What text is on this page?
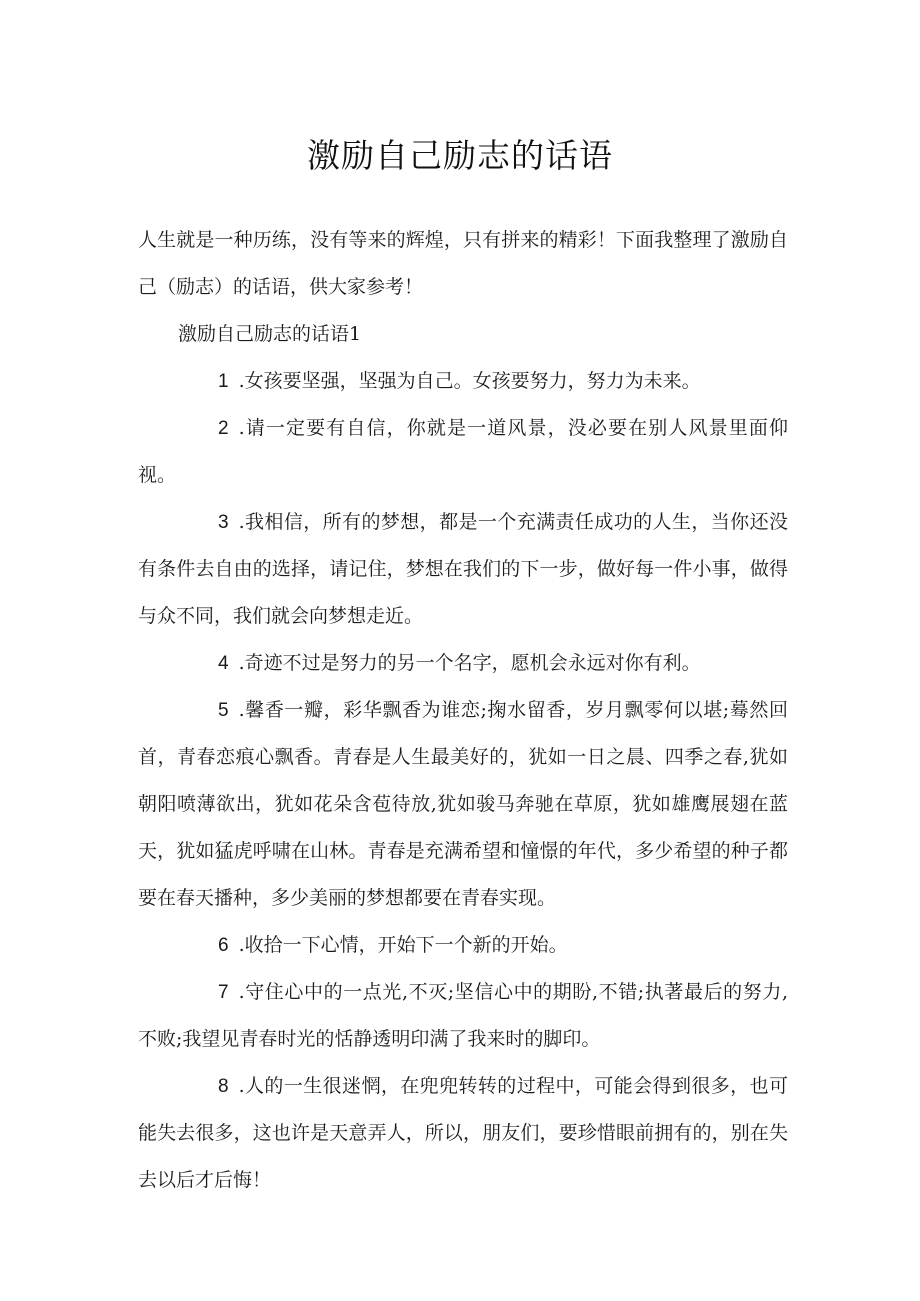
激励自己励志的话语

人生就是一种历练，没有等来的辉煌，只有拼来的精彩！下面我整理了激励自己（励志）的话语，供大家参考！

激励自己励志的话语1

1 .女孩要坚强，坚强为自己。女孩要努力，努力为未来。

2 .请一定要有自信，你就是一道风景，没必要在别人风景里面仰视。

3 .我相信，所有的梦想，都是一个充满责任成功的人生，当你还没有条件去自由的选择，请记住，梦想在我们的下一步，做好每一件小事，做得与众不同，我们就会向梦想走近。

4 .奇迹不过是努力的另一个名字，愿机会永远对你有利。

5 .馨香一瓣，彩华飘香为谁恋;掬水留香，岁月飘零何以堪;蓦然回首，青春恋痕心飘香。青春是人生最美好的，犹如一日之晨、四季之春,犹如朝阳喷薄欲出，犹如花朵含苞待放,犹如骏马奔驰在草原，犹如雄鹰展翅在蓝天，犹如猛虎呼啸在山林。青春是充满希望和憧憬的年代，多少希望的种子都要在春天播种，多少美丽的梦想都要在青春实现。

6 .收拾一下心情，开始下一个新的开始。

7 .守住心中的一点光,不灭;坚信心中的期盼,不错;执著最后的努力,不败;我望见青春时光的恬静透明印满了我来时的脚印。

8 .人的一生很迷惘，在兜兜转转的过程中，可能会得到很多，也可能失去很多，这也许是天意弄人，所以，朋友们，要珍惜眼前拥有的，别在失去以后才后悔！
